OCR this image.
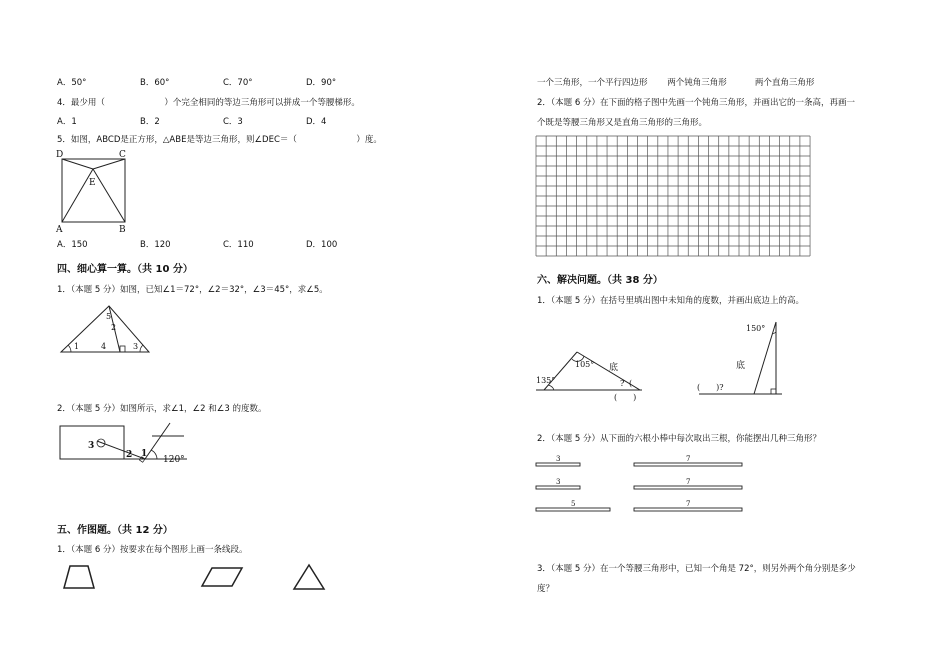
A．50°	B．60°	C．70°	D．90°
4．最少用（　　　　　　　）个完全相同的等边三角形可以拼成一个等腰梯形。
A．1	B．2	C．3	D．4
5．如图，ABCD是正方形，△ABE是等边三角形，则∠DEC＝（　　　　　　　）度。
D	C
E
A	B
A．150	B．120	C．110	D．100
四、细心算一算。（共 10 分）
1．（本题 5 分）如图，已知∠1＝72°，∠2＝32°，∠3＝45°，求∠5。
5
2
1	4	3
2．（本题 5 分）如图所示，求∠1，∠2 和∠3 的度数。
3
2 1
120°
五、作图题。（共 12 分）
1．（本题 6 分）按要求在每个图形上画一条线段。
一个三角形，一个平行四边形　　 两个钝角三角形　　　 两个直角三角形
2．（本题 6 分）在下面的格子图中先画一个钝角三角形，并画出它的一条高，再画一
个既是等腰三角形又是直角三角形的三角形。
六、解决问题。（共 38 分）
1．（本题 5 分）在括号里填出图中未知角的度数，并画出底边上的高。
135°
105° 底
? (
(　　)
150°
底
(　　)?
2．（本题 5 分）从下面的六根小棒中每次取出三根，你能摆出几种三角形？
3
3
5
7
7
7
3．（本题 5 分）在一个等腰三角形中，已知一个角是 72°，则另外两个角分别是多少
度？
